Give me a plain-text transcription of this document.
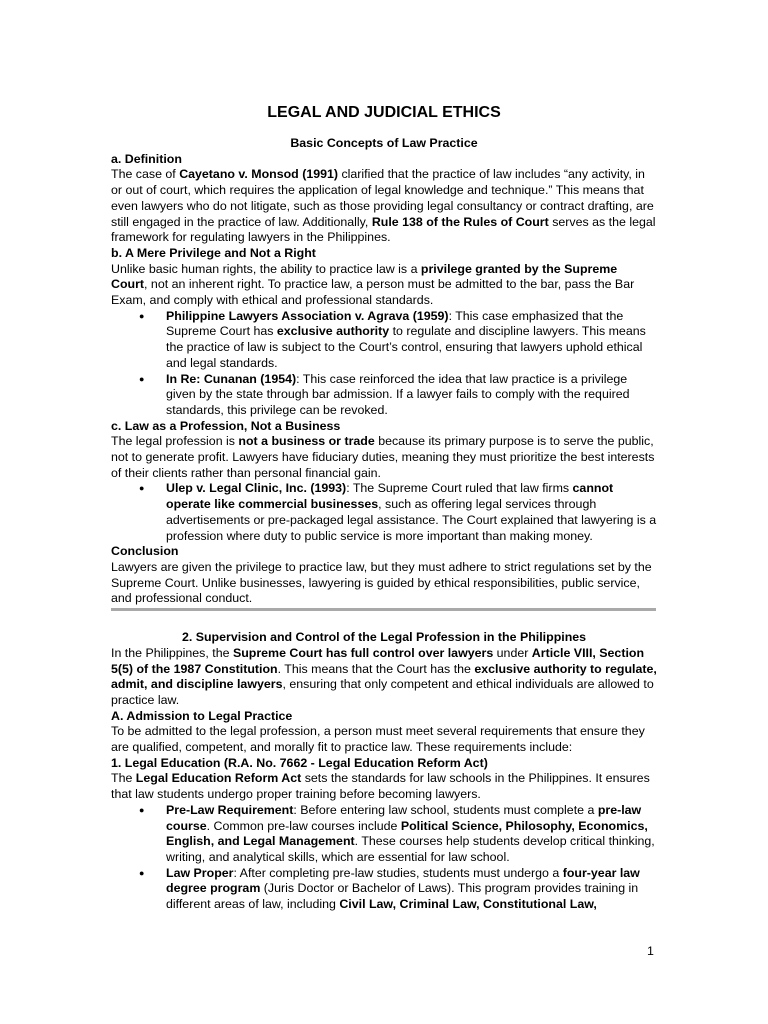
LEGAL AND JUDICIAL ETHICS
Basic Concepts of Law Practice
a. Definition

The case of Cayetano v. Monsod (1991) clarified that the practice of law includes “any activity, in or out of court, which requires the application of legal knowledge and technique.” This means that even lawyers who do not litigate, such as those providing legal consultancy or contract drafting, are still engaged in the practice of law. Additionally, Rule 138 of the Rules of Court serves as the legal framework for regulating lawyers in the Philippines.

b. A Mere Privilege and Not a Right

Unlike basic human rights, the ability to practice law is a privilege granted by the Supreme Court, not an inherent right. To practice law, a person must be admitted to the bar, pass the Bar Exam, and comply with ethical and professional standards.

● Philippine Lawyers Association v. Agrava (1959): This case emphasized that the Supreme Court has exclusive authority to regulate and discipline lawyers. This means the practice of law is subject to the Court’s control, ensuring that lawyers uphold ethical and legal standards.
● In Re: Cunanan (1954): This case reinforced the idea that law practice is a privilege given by the state through bar admission. If a lawyer fails to comply with the required standards, this privilege can be revoked.
c. Law as a Profession, Not a Business

The legal profession is not a business or trade because its primary purpose is to serve the public, not to generate profit. Lawyers have fiduciary duties, meaning they must prioritize the best interests of their clients rather than personal financial gain.

● Ulep v. Legal Clinic, Inc. (1993): The Supreme Court ruled that law firms cannot operate like commercial businesses, such as offering legal services through advertisements or pre-packaged legal assistance. The Court explained that lawyering is a profession where duty to public service is more important than making money.
Conclusion

Lawyers are given the privilege to practice law, but they must adhere to strict regulations set by the Supreme Court. Unlike businesses, lawyering is guided by ethical responsibilities, public service, and professional conduct.

2. Supervision and Control of the Legal Profession in the Philippines

In the Philippines, the Supreme Court has full control over lawyers under Article VIII, Section 5(5) of the 1987 Constitution. This means that the Court has the exclusive authority to regulate, admit, and discipline lawyers, ensuring that only competent and ethical individuals are allowed to practice law.

A. Admission to Legal Practice

To be admitted to the legal profession, a person must meet several requirements that ensure they are qualified, competent, and morally fit to practice law. These requirements include:

1. Legal Education (R.A. No. 7662 - Legal Education Reform Act)

The Legal Education Reform Act sets the standards for law schools in the Philippines. It ensures that law students undergo proper training before becoming lawyers.

● Pre-Law Requirement: Before entering law school, students must complete a pre-law course. Common pre-law courses include Political Science, Philosophy, Economics, English, and Legal Management. These courses help students develop critical thinking, writing, and analytical skills, which are essential for law school.
● Law Proper: After completing pre-law studies, students must undergo a four-year law degree program (Juris Doctor or Bachelor of Laws). This program provides training in different areas of law, including Civil Law, Criminal Law, Constitutional Law,
1
